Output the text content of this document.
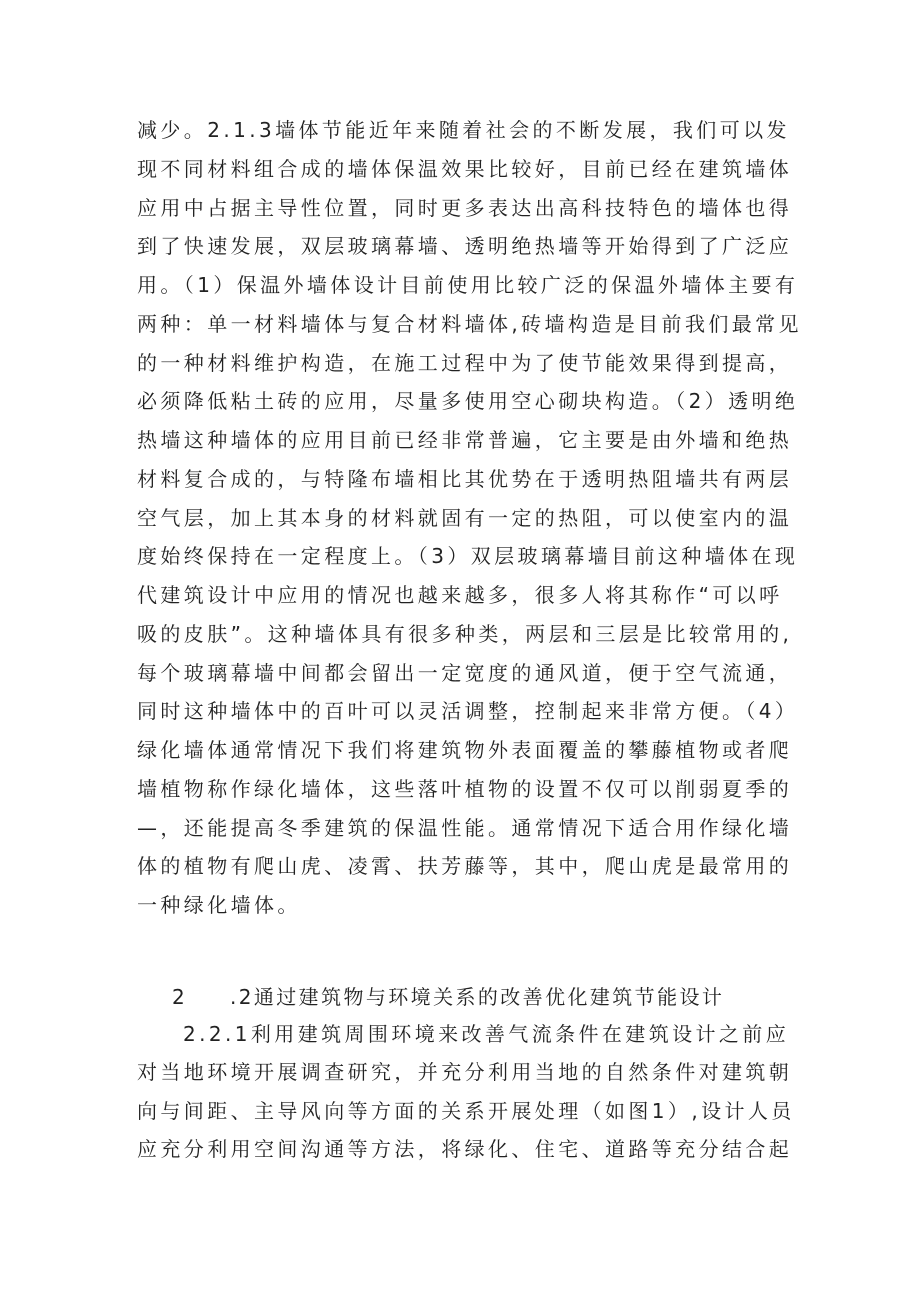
减少。2.1.3墙体节能近年来随着社会的不断发展，我们可以发
现不同材料组合成的墙体保温效果比较好，目前已经在建筑墙体
应用中占据主导性位置，同时更多表达出高科技特色的墙体也得
到了快速发展，双层玻璃幕墙、透明绝热墙等开始得到了广泛应
用。（1）保温外墙体设计目前使用比较广泛的保温外墙体主要有
两种：单一材料墙体与复合材料墙体,砖墙构造是目前我们最常见
的一种材料维护构造，在施工过程中为了使节能效果得到提高，
必须降低粘土砖的应用，尽量多使用空心砌块构造。（2）透明绝
热墙这种墙体的应用目前已经非常普遍，它主要是由外墙和绝热
材料复合成的，与特隆布墙相比其优势在于透明热阻墙共有两层
空气层，加上其本身的材料就固有一定的热阻，可以使室内的温
度始终保持在一定程度上。（3）双层玻璃幕墙目前这种墙体在现
代建筑设计中应用的情况也越来越多，很多人将其称作“可以呼
吸的皮肤”。这种墙体具有很多种类，两层和三层是比较常用的,
每个玻璃幕墙中间都会留出一定宽度的通风道，便于空气流通，
同时这种墙体中的百叶可以灵活调整，控制起来非常方便。（4）
绿化墙体通常情况下我们将建筑物外表面覆盖的攀藤植物或者爬
墙植物称作绿化墙体，这些落叶植物的设置不仅可以削弱夏季的
—，还能提高冬季建筑的保温性能。通常情况下适合用作绿化墙
体的植物有爬山虎、凌霄、扶芳藤等，其中，爬山虎是最常用的
一种绿化墙体。
2 .2通过建筑物与环境关系的改善优化建筑节能设计
2.2.1利用建筑周围环境来改善气流条件在建筑设计之前应
对当地环境开展调查研究，并充分利用当地的自然条件对建筑朝
向与间距、主导风向等方面的关系开展处理（如图1）,设计人员
应充分利用空间沟通等方法，将绿化、住宅、道路等充分结合起
